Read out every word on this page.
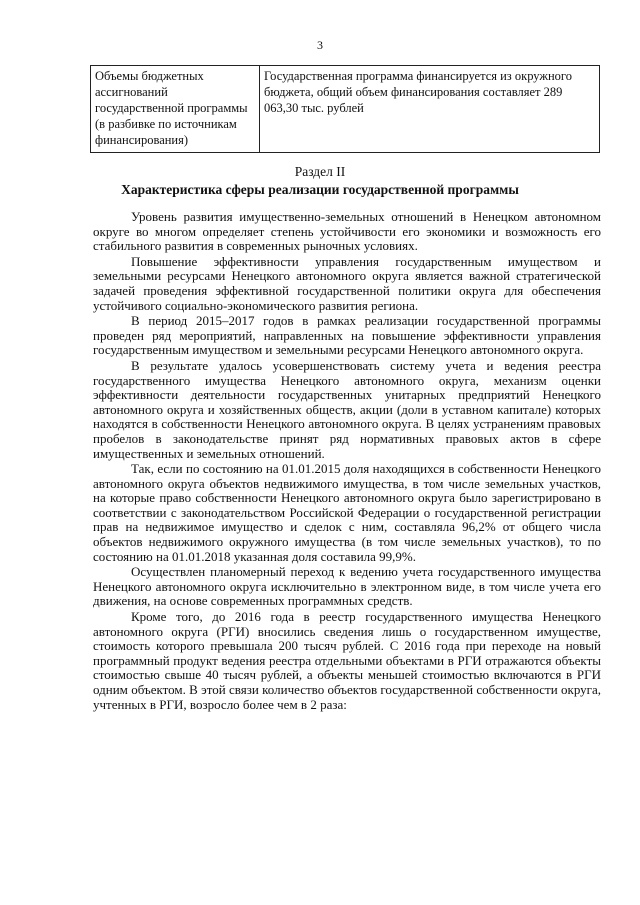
3
Объемы бюджетных ассигнований государственной программы (в разбивке по источникам финансирования)	Государственная программа финансируется из окружного бюджета, общий объем финансирования составляет 289 063,30 тыс. рублей
Раздел II
Характеристика сферы реализации государственной программы

Уровень развития имущественно-земельных отношений в Ненецком автономном округе во многом определяет степень устойчивости его экономики и возможность его стабильного развития в современных рыночных условиях.

Повышение эффективности управления государственным имуществом и земельными ресурсами Ненецкого автономного округа является важной стратегической задачей проведения эффективной государственной политики округа для обеспечения устойчивого социально-экономического развития региона.

В период 2015–2017 годов в рамках реализации государственной программы проведен ряд мероприятий, направленных на повышение эффективности управления государственным имуществом и земельными ресурсами Ненецкого автономного округа.

В результате удалось усовершенствовать систему учета и ведения реестра государственного имущества Ненецкого автономного округа, механизм оценки эффективности деятельности государственных унитарных предприятий Ненецкого автономного округа и хозяйственных обществ, акции (доли в уставном капитале) которых находятся в собственности Ненецкого автономного округа. В целях устранениям правовых пробелов в законодательстве принят ряд нормативных правовых актов в сфере имущественных и земельных отношений.

Так, если по состоянию на 01.01.2015 доля находящихся в собственности Ненецкого автономного округа объектов недвижимого имущества, в том числе земельных участков, на которые право собственности Ненецкого автономного округа было зарегистрировано в соответствии с законодательством Российской Федерации о государственной регистрации прав на недвижимое имущество и сделок с ним, составляла 96,2% от общего числа объектов недвижимого окружного имущества (в том числе земельных участков), то по состоянию на 01.01.2018 указанная доля составила 99,9%.

Осуществлен планомерный переход к ведению учета государственного имущества Ненецкого автономного округа исключительно в электронном виде, в том числе учета его движения, на основе современных программных средств.

Кроме того, до 2016 года в реестр государственного имущества Ненецкого автономного округа (РГИ) вносились сведения лишь о государственном имуществе, стоимость которого превышала 200 тысяч рублей. С 2016 года при переходе на новый программный продукт ведения реестра отдельными объектами в РГИ отражаются объекты стоимостью свыше 40 тысяч рублей, а объекты меньшей стоимостью включаются в РГИ одним объектом. В этой связи количество объектов государственной собственности округа, учтенных в РГИ, возросло более чем в 2 раза:
